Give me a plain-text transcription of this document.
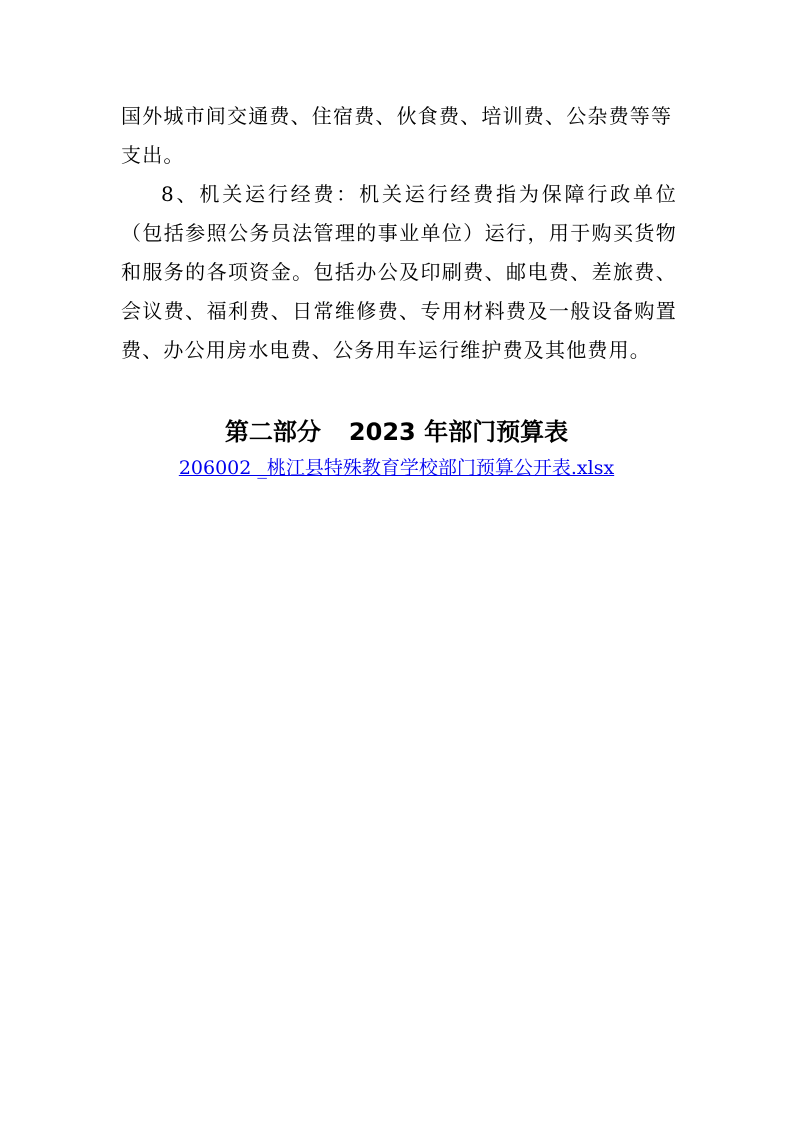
国外城市间交通费、住宿费、伙食费、培训费、公杂费等等支出。

8、机关运行经费：机关运行经费指为保障行政单位（包括参照公务员法管理的事业单位）运行，用于购买货物和服务的各项资金。包括办公及印刷费、邮电费、差旅费、会议费、福利费、日常维修费、专用材料费及一般设备购置费、办公用房水电费、公务用车运行维护费及其他费用。

第二部分 2023 年部门预算表
206002 _桃江县特殊教育学校部门预算公开表.xlsx
